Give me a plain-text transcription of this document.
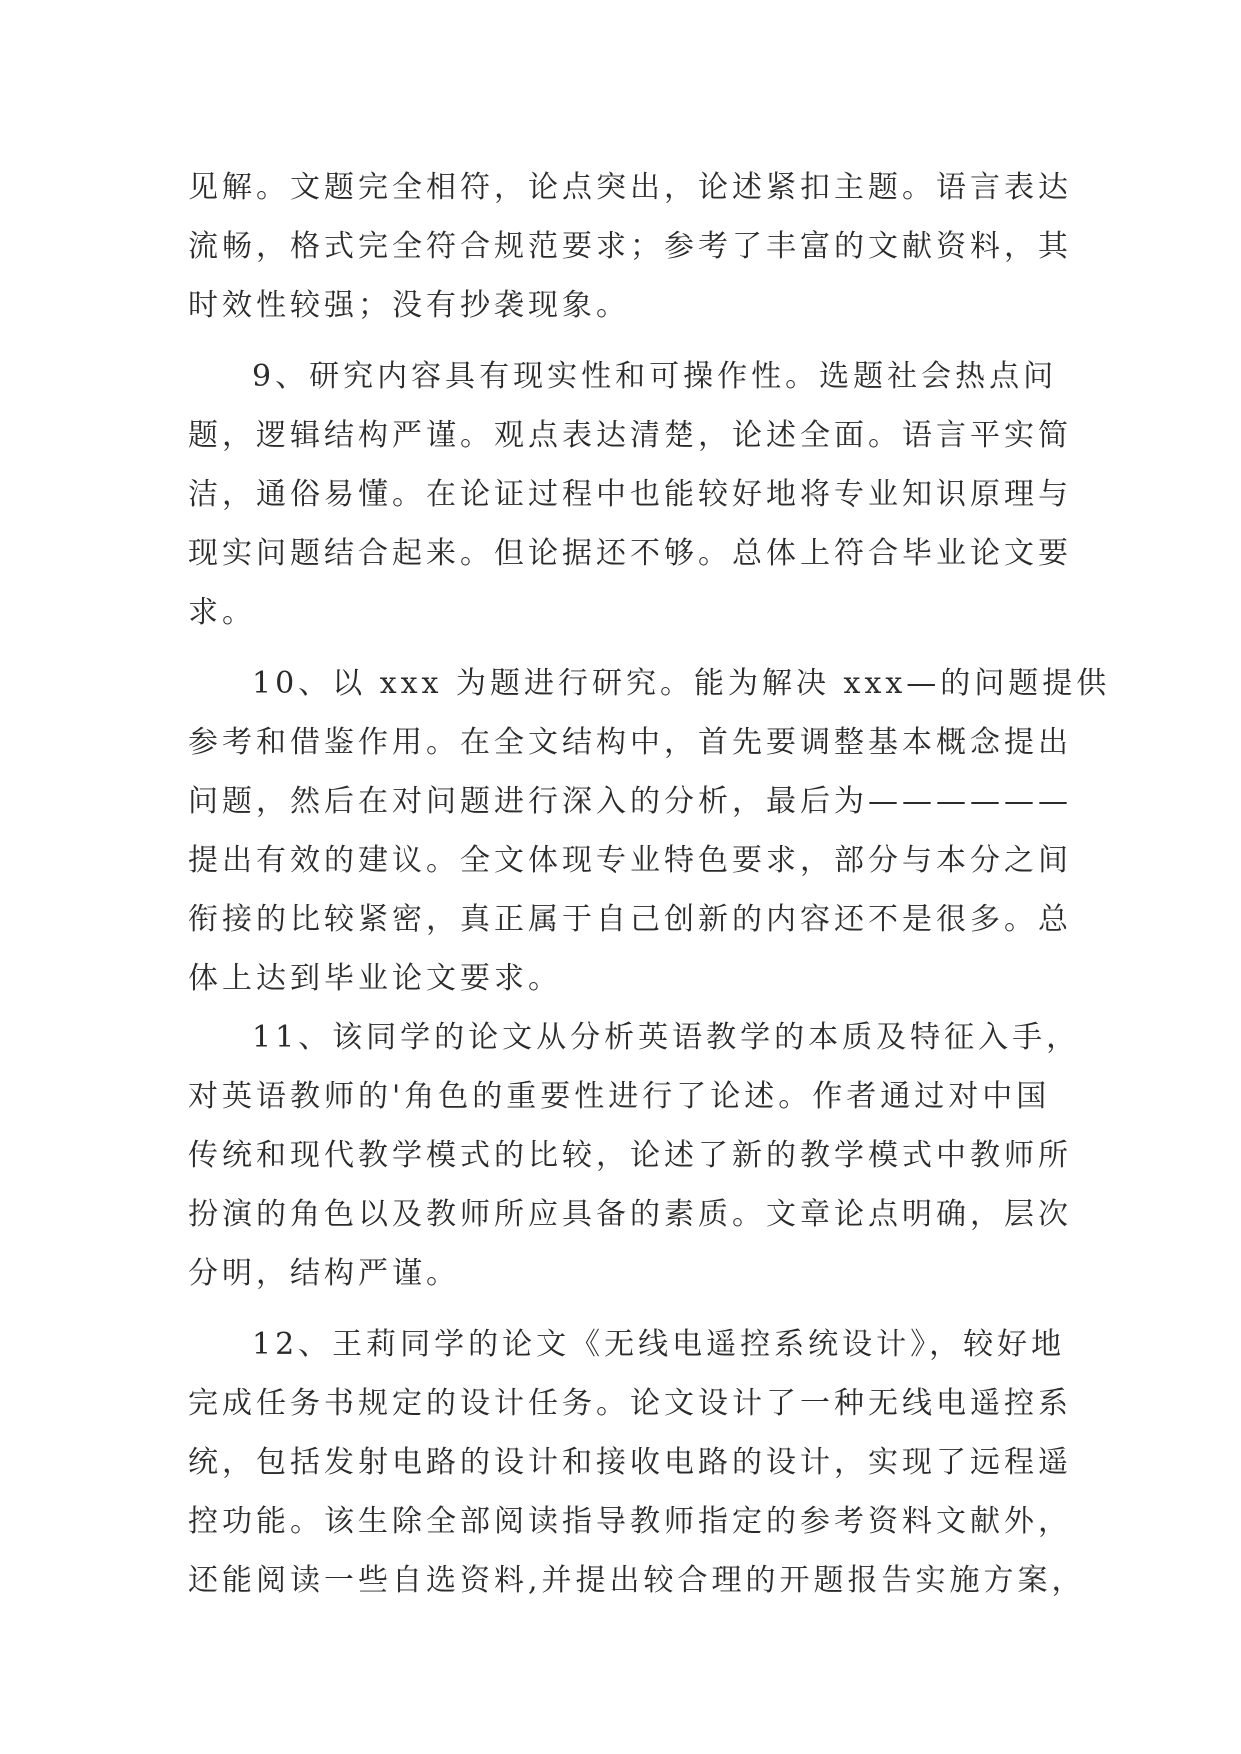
见解。文题完全相符，论点突出，论述紧扣主题。语言表达
流畅，格式完全符合规范要求；参考了丰富的文献资料，其
时效性较强；没有抄袭现象。
9、研究内容具有现实性和可操作性。选题社会热点问
题，逻辑结构严谨。观点表达清楚，论述全面。语言平实简
洁，通俗易懂。在论证过程中也能较好地将专业知识原理与
现实问题结合起来。但论据还不够。总体上符合毕业论文要
求。
10、以 xxx 为题进行研究。能为解决 xxx—的问题提供
参考和借鉴作用。在全文结构中，首先要调整基本概念提出
问题，然后在对问题进行深入的分析，最后为——————
提出有效的建议。全文体现专业特色要求，部分与本分之间
衔接的比较紧密，真正属于自己创新的内容还不是很多。总
体上达到毕业论文要求。
11、该同学的论文从分析英语教学的本质及特征入手，
对英语教师的'角色的重要性进行了论述。作者通过对中国
传统和现代教学模式的比较，论述了新的教学模式中教师所
扮演的角色以及教师所应具备的素质。文章论点明确，层次
分明，结构严谨。
12、王莉同学的论文《无线电遥控系统设计》，较好地
完成任务书规定的设计任务。论文设计了一种无线电遥控系
统，包括发射电路的设计和接收电路的设计，实现了远程遥
控功能。该生除全部阅读指导教师指定的参考资料文献外，
还能阅读一些自选资料,并提出较合理的开题报告实施方案，
